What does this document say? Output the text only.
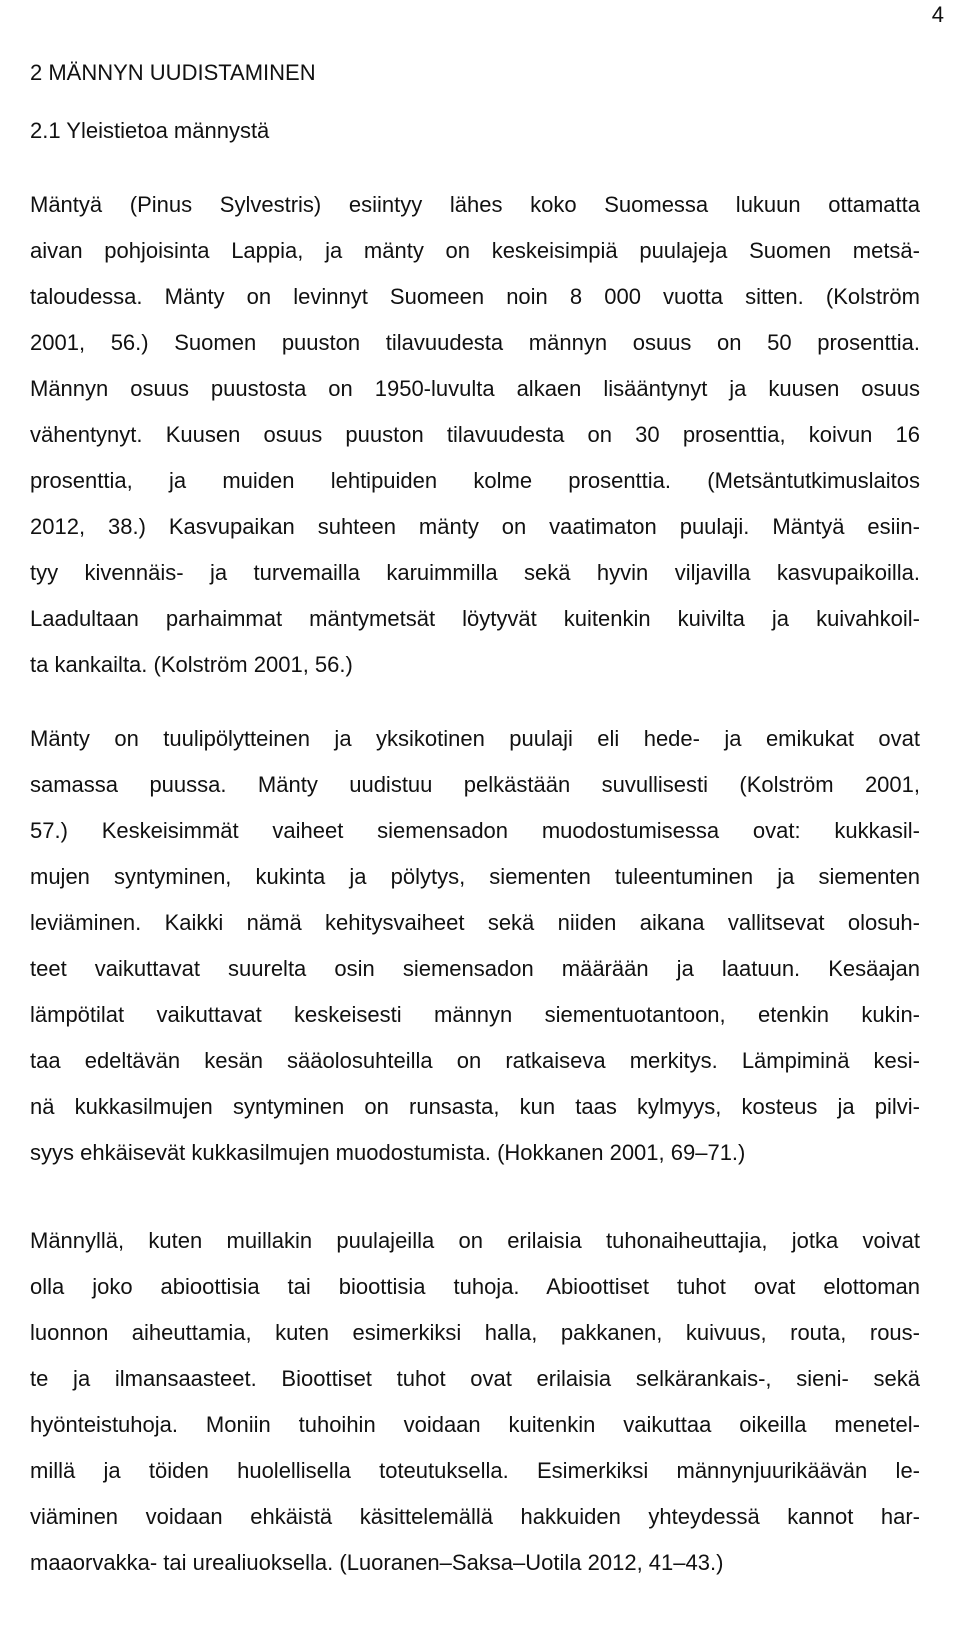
4
2 MÄNNYN UUDISTAMINEN
2.1 Yleistietoa männystä
Mäntyä (Pinus Sylvestris) esiintyy lähes koko Suomessa lukuun ottamatta
aivan pohjoisinta Lappia, ja mänty on keskeisimpiä puulajeja Suomen metsä-
taloudessa. Mänty on levinnyt Suomeen noin 8 000 vuotta sitten. (Kolström
2001, 56.) Suomen puuston tilavuudesta männyn osuus on 50 prosenttia.
Männyn osuus puustosta on 1950-luvulta alkaen lisääntynyt ja kuusen osuus
vähentynyt. Kuusen osuus puuston tilavuudesta on 30 prosenttia, koivun 16
prosenttia, ja muiden lehtipuiden kolme prosenttia. (Metsäntutkimuslaitos
2012, 38.) Kasvupaikan suhteen mänty on vaatimaton puulaji. Mäntyä esiin-
tyy kivennäis- ja turvemailla karuimmilla sekä hyvin viljavilla kasvupaikoilla.
Laadultaan parhaimmat mäntymetsät löytyvät kuitenkin kuivilta ja kuivahkoil-
ta kankailta. (Kolström 2001, 56.)
Mänty on tuulipölytteinen ja yksikotinen puulaji eli hede- ja emikukat ovat
samassa puussa. Mänty uudistuu pelkästään suvullisesti (Kolström 2001,
57.) Keskeisimmät vaiheet siemensadon muodostumisessa ovat: kukkasil-
mujen syntyminen, kukinta ja pölytys, siementen tuleentuminen ja siementen
leviäminen. Kaikki nämä kehitysvaiheet sekä niiden aikana vallitsevat olosuh-
teet vaikuttavat suurelta osin siemensadon määrään ja laatuun. Kesäajan
lämpötilat vaikuttavat keskeisesti männyn siementuotantoon, etenkin kukin-
taa edeltävän kesän sääolosuhteilla on ratkaiseva merkitys. Lämpiminä kesi-
nä kukkasilmujen syntyminen on runsasta, kun taas kylmyys, kosteus ja pilvi-
syys ehkäisevät kukkasilmujen muodostumista. (Hokkanen 2001, 69–71.)
Männyllä, kuten muillakin puulajeilla on erilaisia tuhonaiheuttajia, jotka voivat
olla joko abioottisia tai bioottisia tuhoja. Abioottiset tuhot ovat elottoman
luonnon aiheuttamia, kuten esimerkiksi halla, pakkanen, kuivuus, routa, rous-
te ja ilmansaasteet. Bioottiset tuhot ovat erilaisia selkärankais-, sieni- sekä
hyönteistuhoja. Moniin tuhoihin voidaan kuitenkin vaikuttaa oikeilla menetel-
millä ja töiden huolellisella toteutuksella. Esimerkiksi männynjuurikäävän le-
viäminen voidaan ehkäistä käsittelemällä hakkuiden yhteydessä kannot har-
maaorvakka- tai urealiuoksella. (Luoranen–Saksa–Uotila 2012, 41–43.)
